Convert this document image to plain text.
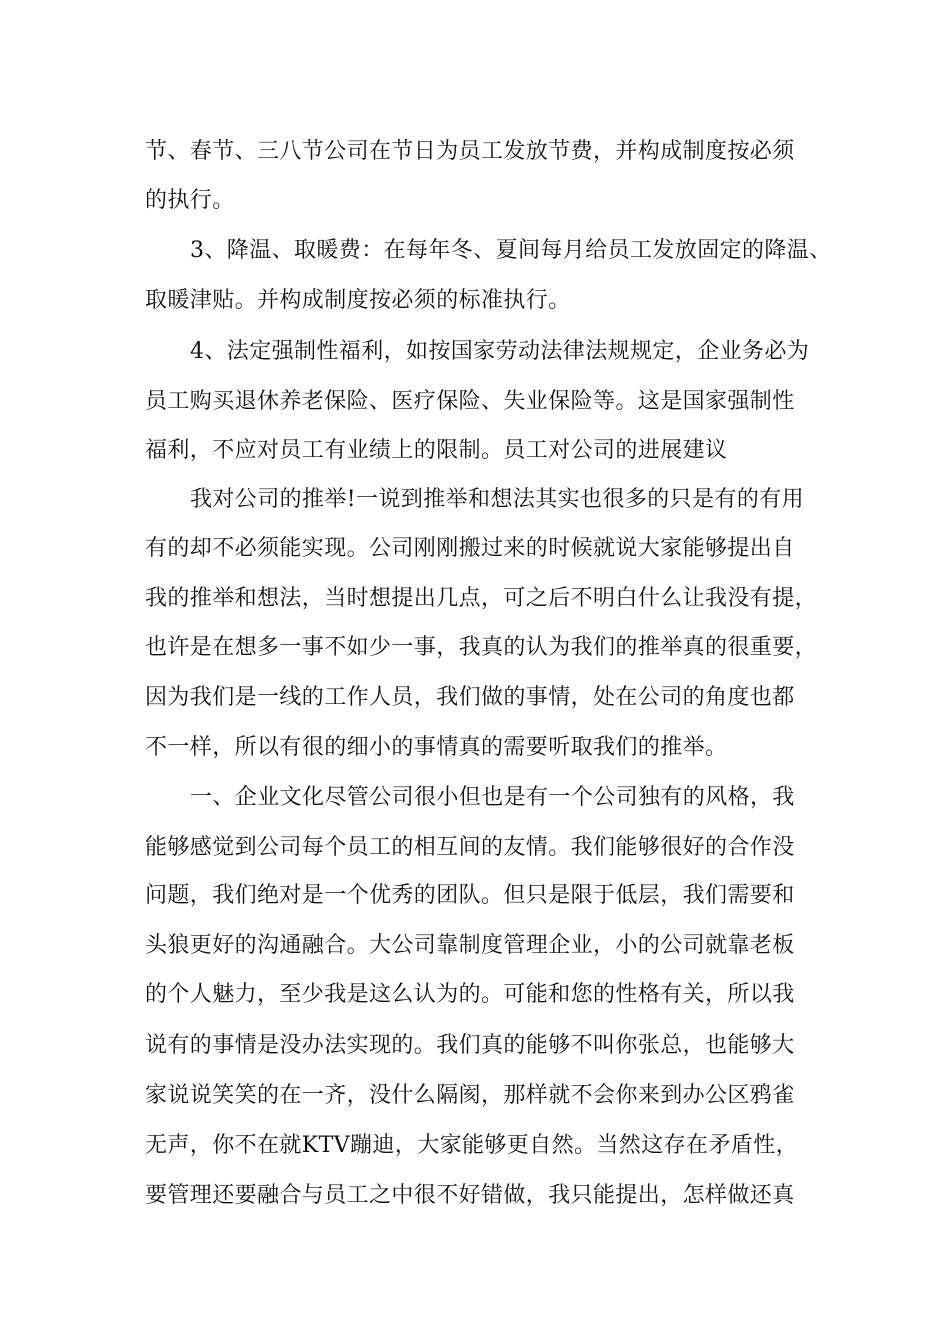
节、春节、三八节公司在节日为员工发放节费，并构成制度按必须
的执行。
3、降温、取暖费：在每年冬、夏间每月给员工发放固定的降温、
取暖津贴。并构成制度按必须的标准执行。
4、法定强制性福利，如按国家劳动法律法规规定，企业务必为
员工购买退休养老保险、医疗保险、失业保险等。这是国家强制性
福利，不应对员工有业绩上的限制。员工对公司的进展建议
我对公司的推举!一说到推举和想法其实也很多的只是有的有用
有的却不必须能实现。公司刚刚搬过来的时候就说大家能够提出自
我的推举和想法，当时想提出几点，可之后不明白什么让我没有提，
也许是在想多一事不如少一事，我真的认为我们的推举真的很重要，
因为我们是一线的工作人员，我们做的事情，处在公司的角度也都
不一样，所以有很的细小的事情真的需要听取我们的推举。
一、企业文化尽管公司很小但也是有一个公司独有的风格，我
能够感觉到公司每个员工的相互间的友情。我们能够很好的合作没
问题，我们绝对是一个优秀的团队。但只是限于低层，我们需要和
头狼更好的沟通融合。大公司靠制度管理企业，小的公司就靠老板
的个人魅力，至少我是这么认为的。可能和您的性格有关，所以我
说有的事情是没办法实现的。我们真的能够不叫你张总，也能够大
家说说笑笑的在一齐，没什么隔阂，那样就不会你来到办公区鸦雀
无声，你不在就KTV蹦迪，大家能够更自然。当然这存在矛盾性，
要管理还要融合与员工之中很不好错做，我只能提出，怎样做还真
